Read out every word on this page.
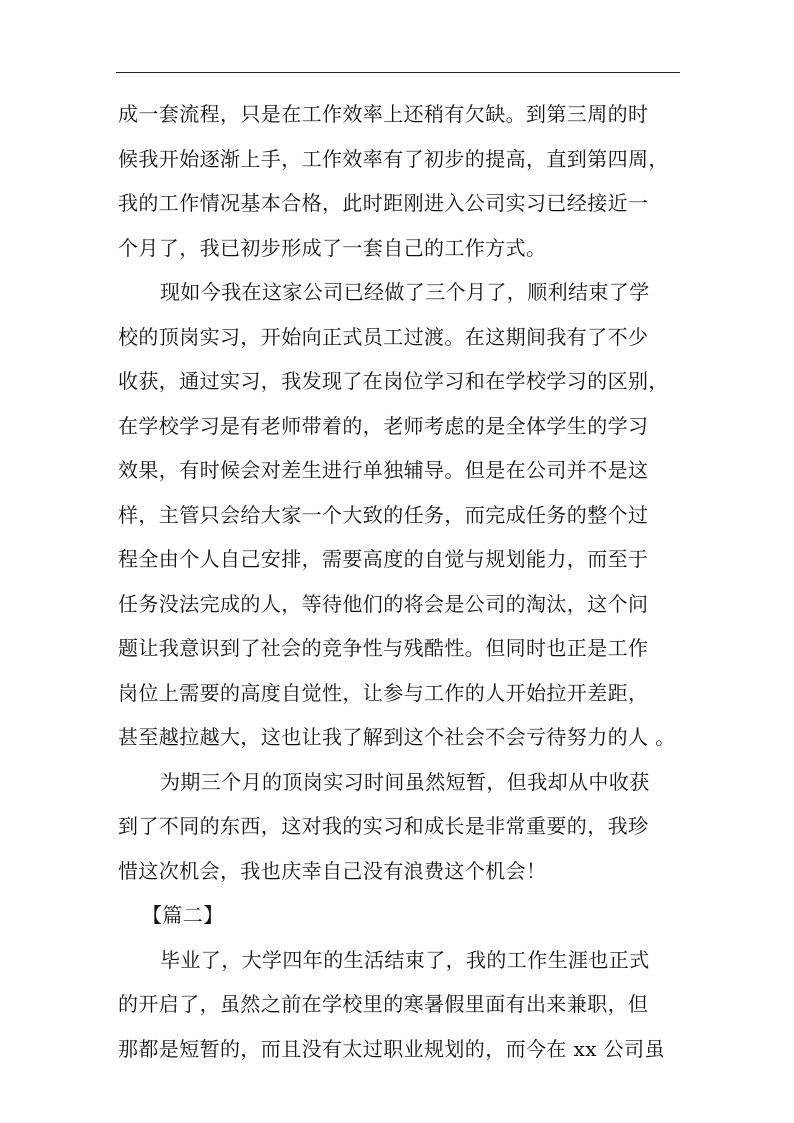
成一套流程，只是在工作效率上还稍有欠缺。到第三周的时
候我开始逐渐上手，工作效率有了初步的提高，直到第四周，
我的工作情况基本合格，此时距刚进入公司实习已经接近一
个月了，我已初步形成了一套自己的工作方式。
现如今我在这家公司已经做了三个月了，顺利结束了学
校的顶岗实习，开始向正式员工过渡。在这期间我有了不少
收获，通过实习，我发现了在岗位学习和在学校学习的区别，
在学校学习是有老师带着的，老师考虑的是全体学生的学习
效果，有时候会对差生进行单独辅导。但是在公司并不是这
样，主管只会给大家一个大致的任务，而完成任务的整个过
程全由个人自己安排，需要高度的自觉与规划能力，而至于
任务没法完成的人，等待他们的将会是公司的淘汰，这个问
题让我意识到了社会的竞争性与残酷性。但同时也正是工作
岗位上需要的高度自觉性，让参与工作的人开始拉开差距，
甚至越拉越大，这也让我了解到这个社会不会亏待努力的人 。
为期三个月的顶岗实习时间虽然短暂，但我却从中收获
到了不同的东西，这对我的实习和成长是非常重要的，我珍
惜这次机会，我也庆幸自己没有浪费这个机会！
【篇二】
毕业了，大学四年的生活结束了，我的工作生涯也正式
的开启了，虽然之前在学校里的寒暑假里面有出来兼职，但
那都是短暂的，而且没有太过职业规划的，而今在 xx 公司虽
